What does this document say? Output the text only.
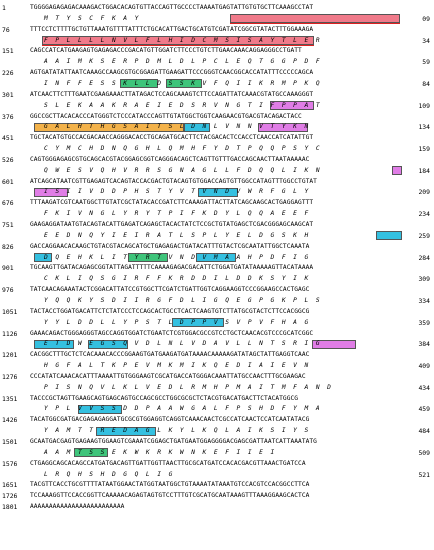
1	TGGGGAGAGAGACAAAGACTGGACACAGTGTTACCAGTTGCCCCTAAAATGAGTATTGTGTGCTTCAAAGCCTAT
M  T  Y  S  C  F  K  A  Y	09
76	TTTCCTCTTTTGCTGTTAAATGTTTTATTTCTGCACATTGACTGCATGTCGATATCGGCGTATACTTTGGAAAGA
F  P  L  L  L  L  N  V  L  F  L  H  I  D  C  M  S  I  S  A  Y  T  L  E  R	34
151	CAGCCATCATGAAGAGTGAGAGACCCGACATGTTGGATCTTCCCTGTCTTGAACAAACAGGAGGGCCTGATT
A  A  I  M  K  S  E  R  P  D  M  L  D  L  P  C  L  E  Q  T  G  G  P  D  F	59
226	AGTGATATATTAATCAAAGCCAAGCGTGCGGAGATTGAAGATTCCCGGGTCAACGGCACCATATTTCCCCCAGCA
I  N  F  F  E  S  S  K  L  L  D  S  S  K  V  F  Q  I  I  K  R  M  P  K  Q	84
301	ATCAACTTCTTTGAATCGAAGAAACTTATAGACTCCAGCAAAGTCTTCCAGATTATCAAACGTATGCCAAAGGGT
S  L  E  K  A  A  K  R  A  E  I  E  D  S  R  V  N  G  T  I  F  P  P  A  T	109
376	GGCCGCTTACACACCCATGGGTCTCCCATACCCAGTTGTATGGCTGGTCAAGAACGTGACGTACAGACTACC
G  A  L  H  T  H  G  S  A  I  T  S  L  D  N  L  V  N  N  V  T  Y  K  N	134
451	TGCTACATGTGCCACGACAACCAGGGACACCTGCAGATGCACTTCTACGACACTCCACCTCAACCATCATATTGT
C  Y  M  C  H  D  N  Q  G  H  L  Q  M  H  F  Y  D  T  P  Q  Q  P  S  Y  C	159
526	CAGTGGGAGAGCGTGCAGCACGTACGGAGCGGTCAGGGACAGCTCAGTTGTTTGACCAGCAACTTAATAAAAAC
Q  W  E  S  V  Q  H  V  R  R  S  G  N  A  G  L  L  F  D  Q  Q  L  I  K  N	184
601	ATCAGCATAATCGTTGAGAGTCACAGTACCACGACTGTACAGTGTGGACCAGTGTTGGCCATAGTTTGGCCTGTAT
I  S  I  I  V  D  D  P  H  S  T  Y  V  T  V  N  D  V  W  R  F  G  L  Y	209
676	TTTAAGATCGTCAATGGCTTGTATCGCTATACACCGATCTTCAAAGATTACTTATCAGCAAGCACTGAGGAGTTT
F  K  I  V  N  G  L  Y  R  Y  T  P  I  F  K  D  Y  L  Q  Q  A  E  E  F	234
751	GAAGAGGATAATGTACAGTACATTGAGATCAGAGCTACACTATCTCCGCTGTATGAGCTCGACGGGAGCAAGCAT
E  E  D  N  Q  Y  I  E  I  R  A  T  L  S  P  L  Y  E  L  D  G  S  K  H	259
826	GACCAGGAACACAAGCTGTACGTACAGCATGCTGAGAGACTGATACATTTGTACTCGCAATATTGGCTCAAATA
D  Q  E  H  K  L  I  T  Y  R  T  V  N  D  V  M  A  A  H  P  D  F  I  G	284
901	TGCAAGTTGATACAGAGCGGTATTAGATTTTTCAAAAGAGACGACATTCTGGATGATATAAAAAGTTACATAAAA
C  K  L  I  Q  S  G  I  R  F  F  K  R  D  D  I  L  D  D  K  S  Y  I  K	309
976	TATCAACAGAAATACTCGGACATTATCCGTGGCTTCGATCTGATTGGTCAGGAAGGTCCCGGAAGCCACTGAGC
Y  Q  Q  K  Y  S  D  I  I  R  G  F  D  L  I  G  Q  E  G  P  G  K  P  L  S	334
1051 TACTACCTGGATGACATTCTCTATCCCTCCAGCACTGCCTCACTCAAGTGTCTTATGCGTACTCTTCCACGGCG
Y  Y  L  D  D  L  L  Y  P  S  T  L  D  P  P  V  S  V  P  V  F  H  A  G	359
1126 GAAACAGACTGGGAGGGTAGCCAGGTGGATCTGAATCTCGTGGACGCCGTCCTGCTCAACACGTCCCGCATCGGC
E  T  D  W  E  G  S  Q  V  D  L  N  L  V  D  A  V  L  L  N  T  S  R  I  G	384
1201 CACGGCTTTGCTCTCACAAACACCCGGAAGTGATGAAGATGATAAAACAAAAAGATATAGCTATTGAGGTCAAC
H  G  F  A  L  T  K  P  E  V  M  K  M  I  K  Q  E  D  I  A  I  E  V  N	409
1276 CCCATATCAAACACATTTAAAATTGTGGGAAGTCGCATGACCATGGGACAAATTATGCCAACTTTGCGAAGAC
P  I  S  N  Q  V  L  K  L  V  E  D  L  R  M  H  P  M  A  I  T  M  F  A  N  D	434
1351 TACCCGCTAGTTGAAGCAGTGAGCAGTGCCAGCGCCTGGCGCGCTCTACGTGACATGACTTCTACATGGCG
Y  P  L  V  V  S  S  D  D  P  A  A  W  G  A  L  F  P  S  H  D  F  Y  M  A	459
1426 TACATGGCGATGACGAGAGAGGATGCGCGTGGAGGTCAGGTCAAACAACTCGCCATCAACTCCATCAATATACG
Y  A  M  T  T  R  E  D  A  G  L  K  Y  L  K  Q  L  A  I  K  S  I  Y  S	484
1501 GCAATGACGAGTGAGAAGTGGAAGTCGAAATCGGAGCTGATGAATGGAGGGGACGAGCGATTAATCATTAAATATG
A  A  M  T  S  S  E  K  W  K  R  K  W  N  K  E  F  I  I  E  I	509
1576 CTGAGGCAGCACAGCCATGATGACAGTTGATTGGTTAACTTGCGCATGATCCACACGACGTTAAACTGATCCA
L  R  Q  H  S  H  D  G  Q  L  I  G	521
1651 TACGTTCACCTGCGTTTTATAATGGAACTATGGTAATGGCTGTAAAATATAAATGTCCACGTCCACGGCCTTCA
1726 TCCAAAGGTTCCACCGGTTCAAAAACAGAGTAGTGTCCTTTGTCGCATGCAATAAAGTTTAAAGGAAGCACTCA
1801 AAAAAAAAAAAAAAAAAAAAAAAAA
